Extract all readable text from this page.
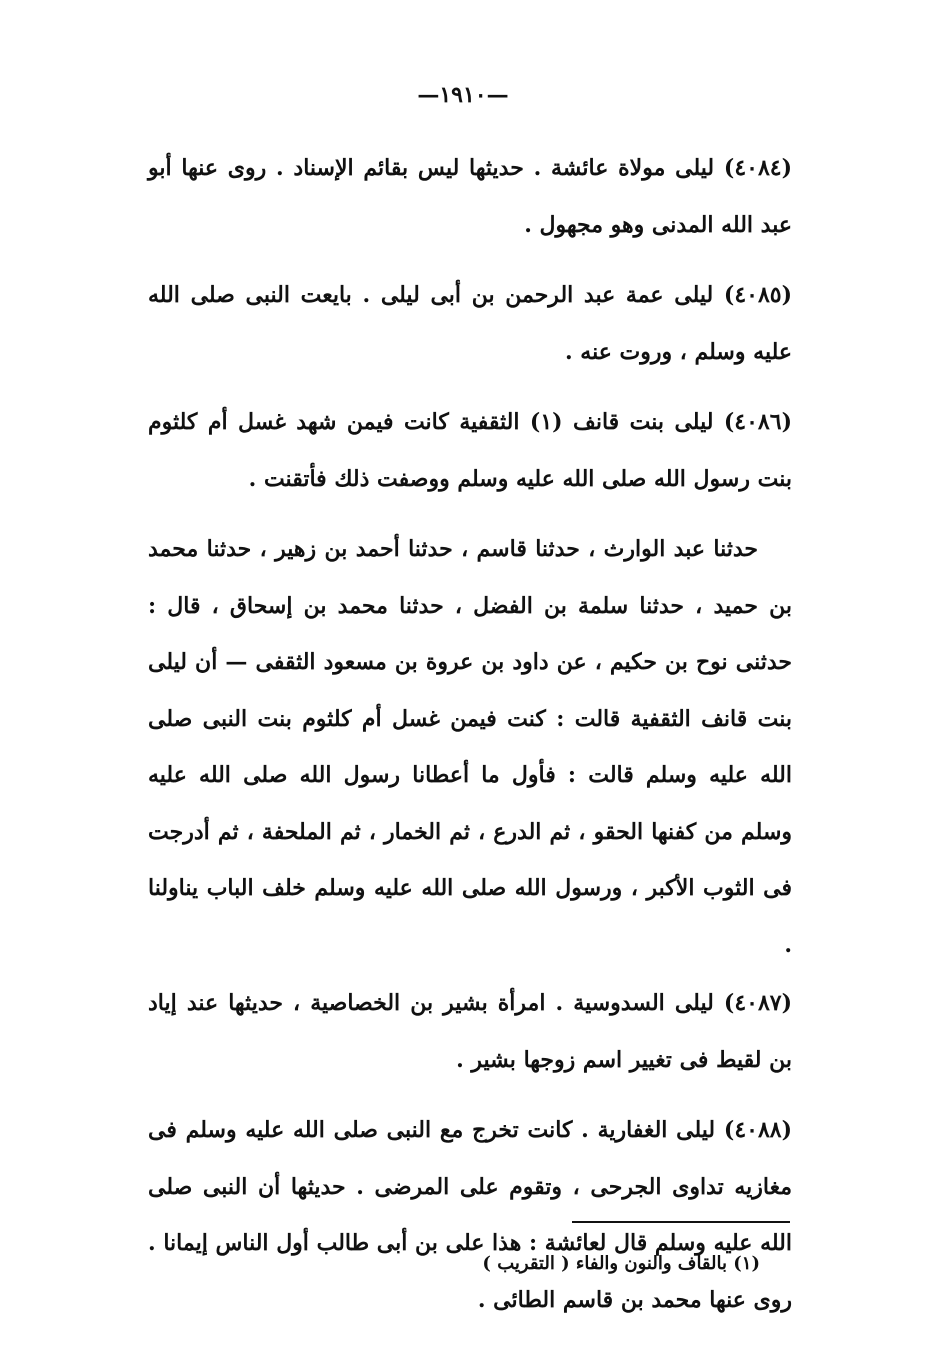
—١٩١٠—

(٤٠٨٤) ليلى مولاة عائشة . حديثها ليس بقائم الإسناد . روى عنها أبو عبد الله المدنى وهو مجهول .

(٤٠٨٥) ليلى عمة عبد الرحمن بن أبى ليلى . بايعت النبى صلى الله عليه وسلم ، وروت عنه .

(٤٠٨٦) ليلى بنت قانف (١) الثقفية كانت فيمن شهد غسل أم كلثوم بنت رسول الله صلى الله عليه وسلم ووصفت ذلك فأتقنت .

حدثنا عبد الوارث ، حدثنا قاسم ، حدثنا أحمد بن زهير ، حدثنا محمد بن حميد ، حدثنا سلمة بن الفضل ، حدثنا محمد بن إسحاق ، قال : حدثنى نوح بن حكيم ، عن داود بن عروة بن مسعود الثقفى — أن ليلى بنت قانف الثقفية قالت : كنت فيمن غسل أم كلثوم بنت النبى صلى الله عليه وسلم قالت : فأول ما أعطانا رسول الله صلى الله عليه وسلم من كفنها الحقو ، ثم الدرع ، ثم الخمار ، ثم الملحفة ، ثم أدرجت فى الثوب الأكبر ، ورسول الله صلى الله عليه وسلم خلف الباب يناولنا .

(٤٠٨٧) ليلى السدوسية . امرأة بشير بن الخصاصية ، حديثها عند إياد بن لقيط فى تغيير اسم زوجها بشير .

(٤٠٨٨) ليلى الغفارية . كانت تخرج مع النبى صلى الله عليه وسلم فى مغازيه تداوى الجرحى ، وتقوم على المرضى . حديثها أن النبى صلى الله عليه وسلم قال لعائشة : هذا على بن أبى طالب أول الناس إيمانا . روى عنها محمد بن قاسم الطائى .

(١) بالقاف والنون والفاء ( التقريب )
